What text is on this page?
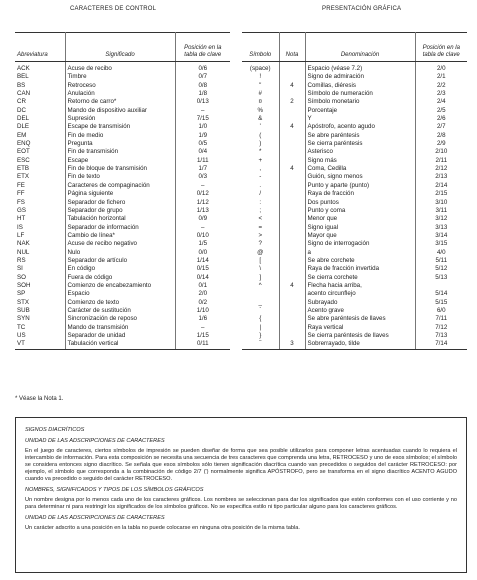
CARACTERES DE CONTROL	PRESENTACIÓN GRÁFICA
Abreviatura	Significado	Posición en la tabla de clave
ACK	Acuse de recibo	0/6
BEL	Timbre	0/7
BS	Retroceso	0/8
CAN	Anulación	1/8
CR	Retorno de carro*	0/13
DC	Mando de dispositivo auxiliar	–
DEL	Supresión	7/15
DLE	Escape de transmisión	1/0
EM	Fin de medio	1/9
ENQ	Pregunta	0/5
EOT	Fin de transmisión	0/4
ESC	Escape	1/11
ETB	Fin de bloque de transmisión	1/7
ETX	Fin de texto	0/3
FE	Caracteres de compaginación	–
FF	Página siguiente	0/12
FS	Separador de fichero	1/12
GS	Separador de grupo	1/13
HT	Tabulación horizontal	0/9
IS	Separador de información	–
LF	Cambio de línea*	0/10
NAK	Acuse de recibo negativo	1/5
NUL	Nulo	0/0
RS	Separador de artículo	1/14
SI	En código	0/15
SO	Fuera de código	0/14
SOH	Comienzo de encabezamiento	0/1
SP	Espacio	2/0
STX	Comienzo de texto	0/2
SUB	Carácter de sustitución	1/10
SYN	Sincronización de reposo	1/6
TC	Mando de transmisión	–
US	Separador de unidad	1/15
VT	Tabulación vertical	0/11
Símbolo	Nota	Denominación	Posición en la tabla de clave
(space)		Espacio (véase 7.2)	2/0
!		Signo de admiración	2/1
"	4	Comillas, diéresis	2/2
#		Símbolo de numeración	2/3
¤	2	Símbolo monetario	2/4
%		Porcentaje	2/5
&		Y	2/6
'	4	Apóstrofo, acento agudo	2/7
(		Se abre paréntesis	2/8
)		Se cierra paréntesis	2/9
*		Asterisco	2/10
+		Signo más	2/11
,	4	Coma, Cedilla	2/12
-		Guión, signo menos	2/13
.		Punto y aparte (punto)	2/14
/		Raya de fracción	2/15
:		Dos puntos	3/10
;		Punto y coma	3/11
<		Menor que	3/12
=		Signo igual	3/13
>		Mayor que	3/14
?		Signo de interrogación	3/15
@		a	4/0
[		Se abre corchete	5/11
\		Raya de fracción invertida	5/12
]		Se cierra corchete	5/13
^	4	Flecha hacia arriba,	
		acento circunflejo	5/14
_		Subrayado	5/15
`		Acento grave	6/0
{		Se abre paréntesis de llaves	7/11
|		Raya vertical	7/12
}		Se cierra paréntesis de llaves	7/13
‾	3	Sobrerrayado, tilde	7/14
* Véase la Nota 1.
SIGNOS DIACRÍTICOS
UNIDAD DE LAS ADSCRIPCIONES DE CARACTERES

En el juego de caracteres, ciertos símbolos de impresión se pueden diseñar de forma que sea posible utilizarlos para componer letras acentuadas cuando lo requiera el intercambio de información. Para esta composición se necesita una secuencia de tres caracteres que comprenda una letra, RETROCESO y uno de esos símbolos; el símbolo se considera entonces signo diacrítico. Se señala que esos símbolos sólo tienen significación diacrítica cuando van precedidos o seguidos del carácter RETROCESO: por ejemplo, el símbolo que corresponda a la combinación de código 2/7 (') normalmente significa APÓSTROFO, pero se transforma en el signo diacrítico ACENTO AGUDO cuando va precedido o seguido del carácter RETROCESO.

NOMBRES, SIGNIFICADOS Y TIPOS DE LOS SÍMBOLOS GRÁFICOS

Un nombre designa por lo menos cada uno de los caracteres gráficos. Los nombres se seleccionan para dar los significados que estén conformes con el uso corriente y no para determinar ni para restringir los significados de los símbolos gráficos. No se especifica estilo ni tipo particular alguno para los caracteres gráficos.

UNIDAD DE LAS ADSCRIPCIONES DE CARACTERES

Un carácter adscrito a una posición en la tabla no puede colocarse en ninguna otra posición de la misma tabla.
